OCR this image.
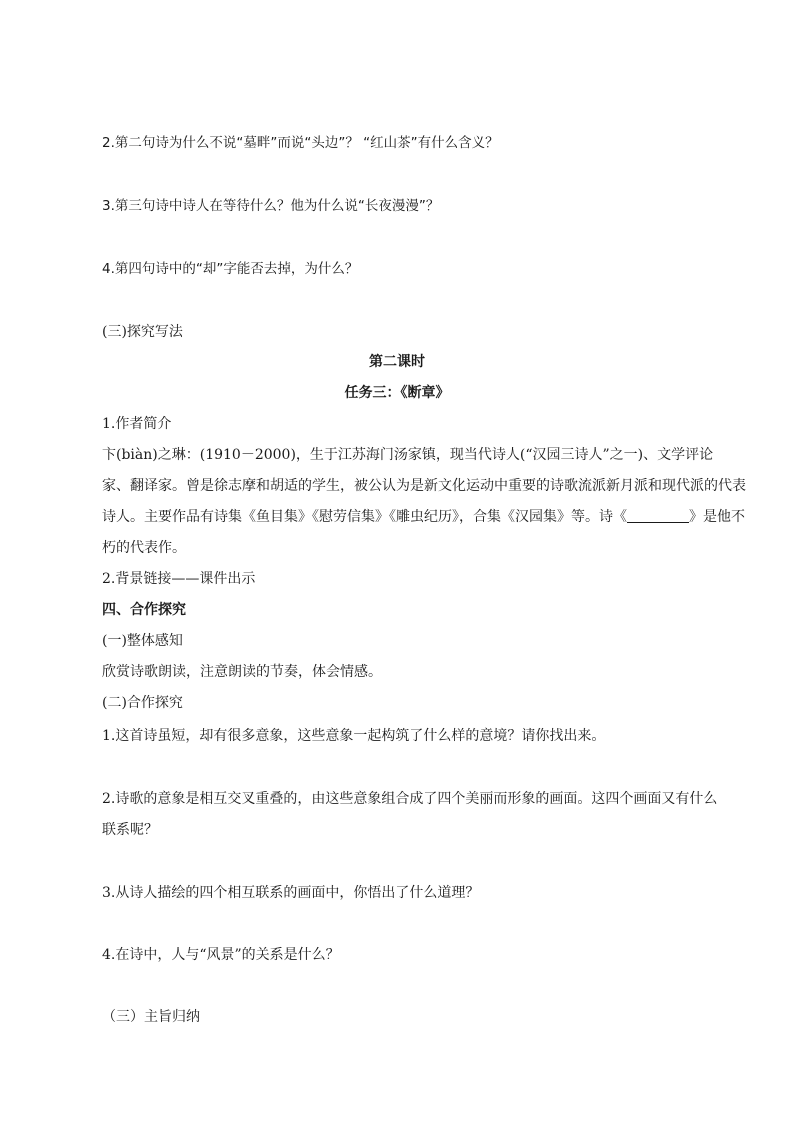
2.第二句诗为什么不说“墓畔”而说“头边”？ “红山茶”有什么含义？
3.第三句诗中诗人在等待什么？他为什么说“长夜漫漫”？
4.第四句诗中的“却”字能否去掉，为什么？
(三)探究写法
第二课时
任务三：《断章》
1.作者简介
卞(biàn)之琳：(1910－2000)，生于江苏海门汤家镇，现当代诗人(“汉园三诗人”之一)、文学评论
家、翻译家。曾是徐志摩和胡适的学生，被公认为是新文化运动中重要的诗歌流派新月派和现代派的代表
诗人。主要作品有诗集《鱼目集》《慰劳信集》《雕虫纪历》，合集《汉园集》等。诗《	》是他不
朽的代表作。
2.背景链接——课件出示
四、合作探究
(一)整体感知
欣赏诗歌朗读，注意朗读的节奏，体会情感。
(二)合作探究
1.这首诗虽短，却有很多意象，这些意象一起构筑了什么样的意境？请你找出来。
2.诗歌的意象是相互交叉重叠的，由这些意象组合成了四个美丽而形象的画面。这四个画面又有什么
联系呢？
3.从诗人描绘的四个相互联系的画面中，你悟出了什么道理？
4.在诗中，人与“风景”的关系是什么？
（三）主旨归纳
